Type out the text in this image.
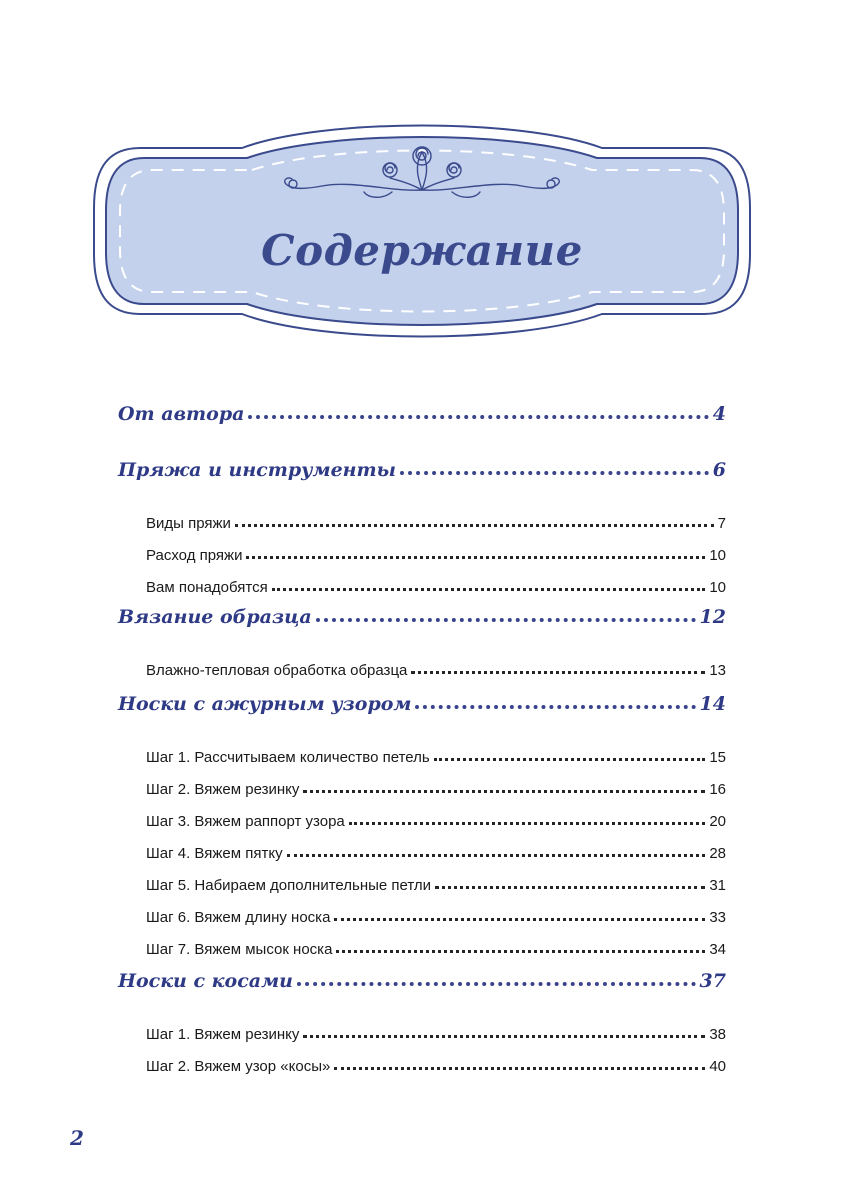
Содержание
От автора	4
Пряжа и инструменты	6
Виды пряжи	7
Расход пряжи	10
Вам понадобятся	10
Вязание образца	12
Влажно-тепловая обработка образца	13
Носки с ажурным узором	14
Шаг 1. Рассчитываем количество петель	15
Шаг 2. Вяжем резинку	16
Шаг 3. Вяжем раппорт узора	20
Шаг 4. Вяжем пятку	28
Шаг 5. Набираем дополнительные петли	31
Шаг 6. Вяжем длину носка	33
Шаг 7. Вяжем мысок носка	34
Носки с косами	37
Шаг 1. Вяжем резинку	38
Шаг 2. Вяжем узор «косы»	40
2
